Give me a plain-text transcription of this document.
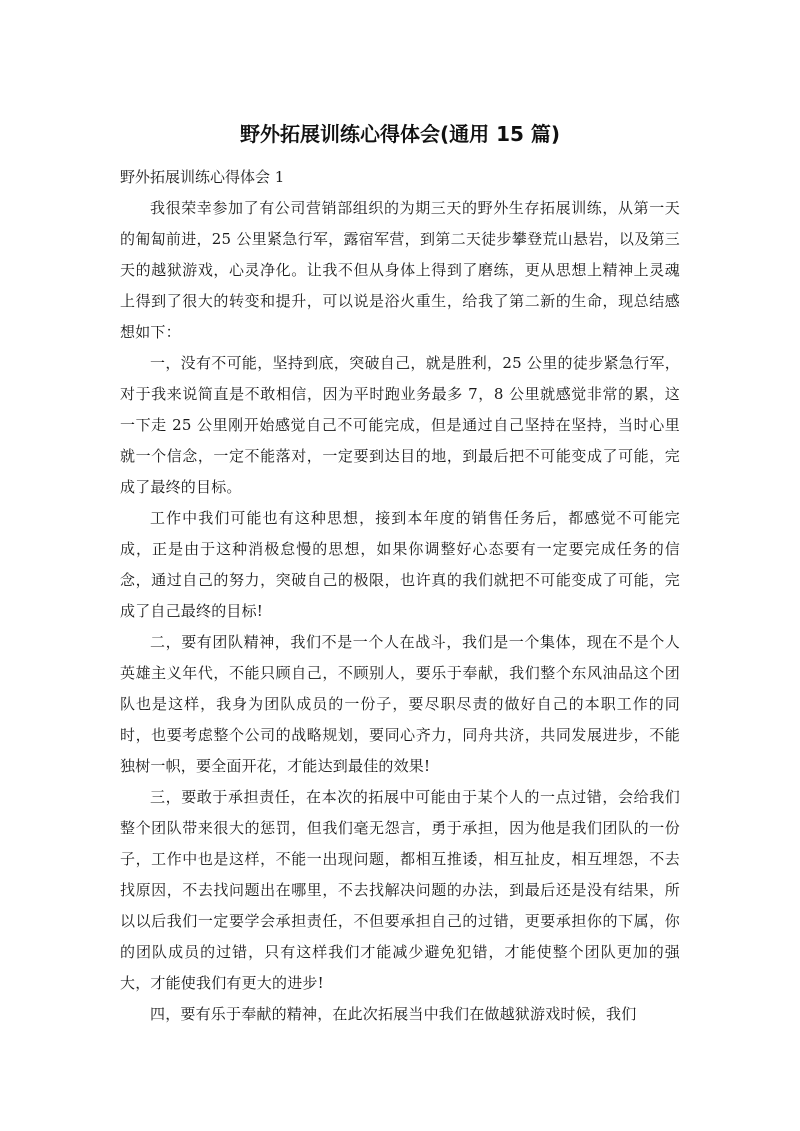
野外拓展训练心得体会(通用 15 篇)

野外拓展训练心得体会 1

我很荣幸参加了有公司营销部组织的为期三天的野外生存拓展训练，从第一天的匍匐前进，25 公里紧急行军，露宿军营，到第二天徒步攀登荒山悬岩，以及第三天的越狱游戏，心灵净化。让我不但从身体上得到了磨练，更从思想上精神上灵魂上得到了很大的转变和提升，可以说是浴火重生，给我了第二新的生命，现总结感想如下：

一，没有不可能，坚持到底，突破自己，就是胜利，25 公里的徒步紧急行军，对于我来说简直是不敢相信，因为平时跑业务最多 7，8 公里就感觉非常的累，这一下走 25 公里刚开始感觉自己不可能完成，但是通过自己坚持在坚持，当时心里就一个信念，一定不能落对，一定要到达目的地，到最后把不可能变成了可能，完成了最终的目标。

工作中我们可能也有这种思想，接到本年度的销售任务后，都感觉不可能完成，正是由于这种消极怠慢的思想，如果你调整好心态要有一定要完成任务的信念，通过自己的努力，突破自己的极限，也许真的我们就把不可能变成了可能，完成了自己最终的目标!

二，要有团队精神，我们不是一个人在战斗，我们是一个集体，现在不是个人英雄主义年代，不能只顾自己，不顾别人，要乐于奉献，我们整个东风油品这个团队也是这样，我身为团队成员的一份子，要尽职尽责的做好自己的本职工作的同时，也要考虑整个公司的战略规划，要同心齐力，同舟共济，共同发展进步，不能独树一帜，要全面开花，才能达到最佳的效果!

三，要敢于承担责任，在本次的拓展中可能由于某个人的一点过错，会给我们整个团队带来很大的惩罚，但我们毫无怨言，勇于承担，因为他是我们团队的一份子，工作中也是这样，不能一出现问题，都相互推诿，相互扯皮，相互埋怨，不去找原因，不去找问题出在哪里，不去找解决问题的办法，到最后还是没有结果，所以以后我们一定要学会承担责任，不但要承担自己的过错，更要承担你的下属，你的团队成员的过错，只有这样我们才能减少避免犯错，才能使整个团队更加的强大，才能使我们有更大的进步!

四，要有乐于奉献的精神，在此次拓展当中我们在做越狱游戏时候，我们
